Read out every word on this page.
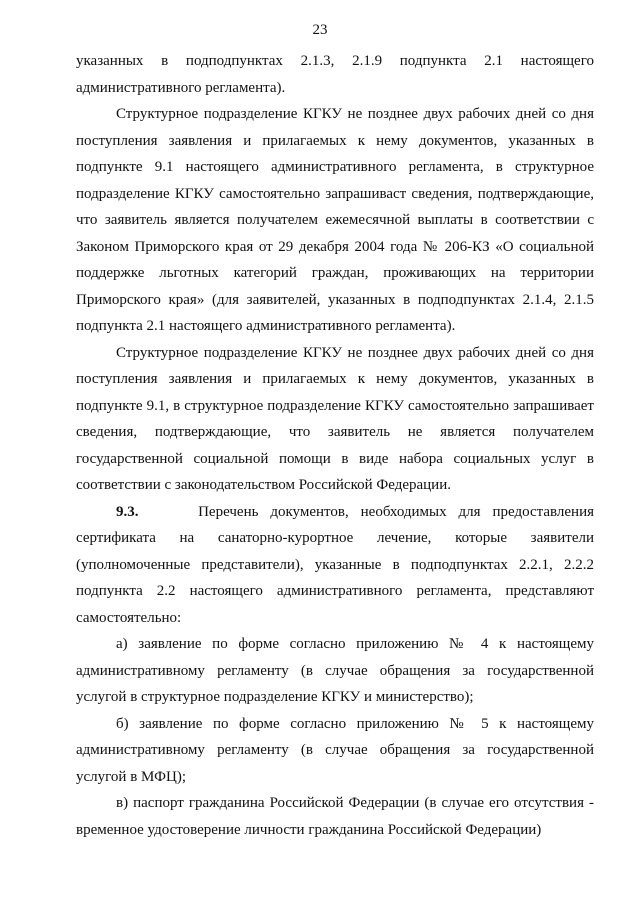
23

указанных в подподпунктах 2.1.3, 2.1.9 подпункта 2.1 настоящего административного регламента).

Структурное подразделение КГКУ не позднее двух рабочих дней со дня поступления заявления и прилагаемых к нему документов, указанных в подпункте 9.1 настоящего административного регламента, в структурное подразделение КГКУ самостоятельно запрашиваст сведения, подтверждающие, что заявитель является получателем ежемесячной выплаты в соответствии с Законом Приморского края от 29 декабря 2004 года № 206-КЗ «О социальной поддержке льготных категорий граждан, проживающих на территории Приморского края» (для заявителей, указанных в подподпунктах 2.1.4, 2.1.5 подпункта 2.1 настоящего административного регламента).

Структурное подразделение КГКУ не позднее двух рабочих дней со дня поступления заявления и прилагаемых к нему документов, указанных в подпункте 9.1, в структурное подразделение КГКУ самостоятельно запрашивает сведения, подтверждающие, что заявитель не является получателем государственной социальной помощи в виде набора социальных услуг в соответствии с законодательством Российской Федерации.

9.3.	Перечень документов, необходимых для предоставления сертификата на санаторно-курортное лечение, которые заявители (уполномоченные представители), указанные в подподпунктах 2.2.1, 2.2.2 подпункта 2.2 настоящего административного регламента, представляют самостоятельно:

а) заявление по форме согласно приложению № 4 к настоящему административному регламенту (в случае обращения за государственной услугой в структурное подразделение КГКУ и министерство);

б) заявление по форме согласно приложению № 5 к настоящему административному регламенту (в случае обращения за государственной услугой в МФЦ);

в) паспорт гражданина Российской Федерации (в случае его отсутствия - временное удостоверение личности гражданина Российской Федерации)
